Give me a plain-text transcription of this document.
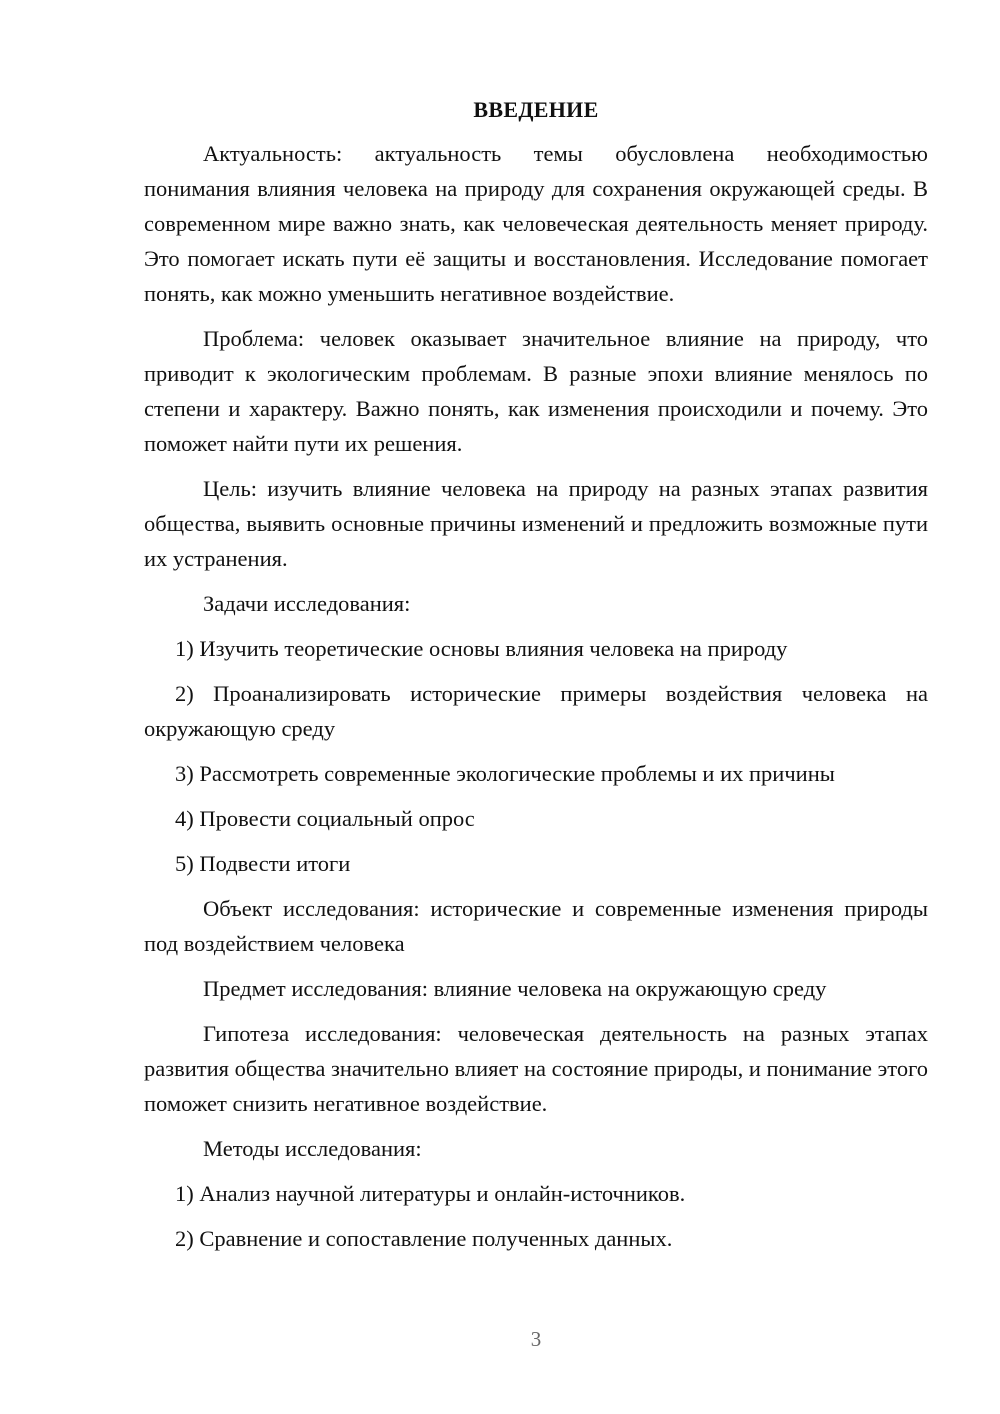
ВВЕДЕНИЕ

Актуальность: актуальность темы обусловлена необходимостью понимания влияния человека на природу для сохранения окружающей среды. В современном мире важно знать, как человеческая деятельность меняет природу. Это помогает искать пути её защиты и восстановления. Исследование помогает понять, как можно уменьшить негативное воздействие.

Проблема: человек оказывает значительное влияние на природу, что приводит к экологическим проблемам. В разные эпохи влияние менялось по степени и характеру. Важно понять, как изменения происходили и почему. Это поможет найти пути их решения.

Цель: изучить влияние человека на природу на разных этапах развития общества, выявить основные причины изменений и предложить возможные пути их устранения.

Задачи исследования:

1) Изучить теоретические основы влияния человека на природу

2) Проанализировать исторические примеры воздействия человека на окружающую среду

3) Рассмотреть современные экологические проблемы и их причины

4) Провести социальный опрос

5) Подвести итоги

Объект исследования: исторические и современные изменения природы под воздействием человека

Предмет исследования: влияние человека на окружающую среду

Гипотеза исследования: человеческая деятельность на разных этапах развития общества значительно влияет на состояние природы, и понимание этого поможет снизить негативное воздействие.

Методы исследования:

1) Анализ научной литературы и онлайн-источников.

2) Сравнение и сопоставление полученных данных.

3
